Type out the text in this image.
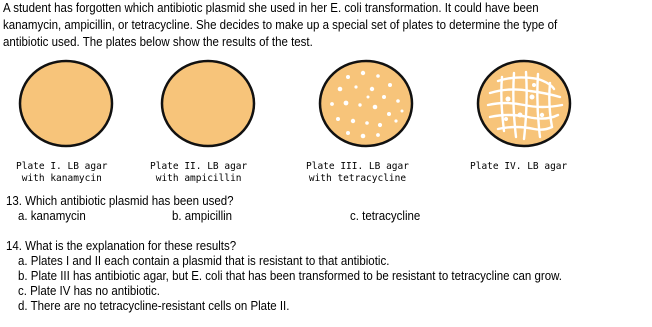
A student has forgotten which antibiotic plasmid she used in her E. coli transformation. It could have been
kanamycin, ampicillin, or tetracycline. She decides to make up a special set of plates to determine the type of
antibiotic used. The plates below show the results of the test.
Plate I. LB agar
with kanamycin
Plate II. LB agar
with ampicillin
Plate III. LB agar
with tetracycline
Plate IV. LB agar
13. Which antibiotic plasmid has been used?
a. kanamycin	b. ampicillin	c. tetracycline
14. What is the explanation for these results?
a. Plates I and II each contain a plasmid that is resistant to that antibiotic.
b. Plate III has antibiotic agar, but E. coli that has been transformed to be resistant to tetracycline can grow.
c. Plate IV has no antibiotic.
d. There are no tetracycline-resistant cells on Plate II.
